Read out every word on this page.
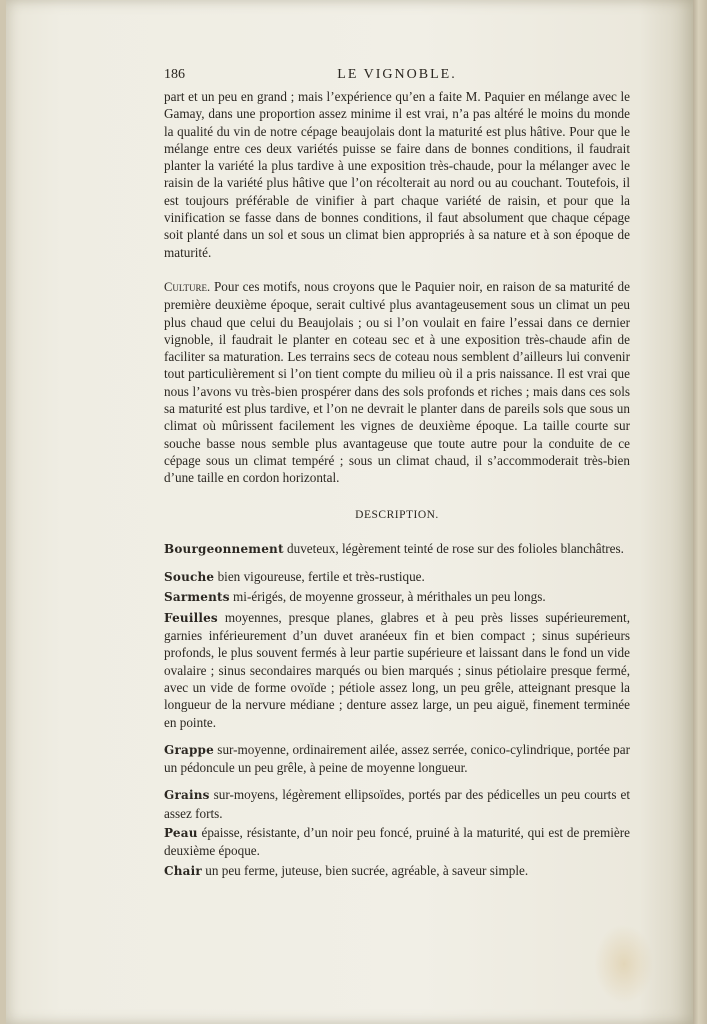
186	LE VIGNOBLE.

part et un peu en grand ; mais l’expérience qu’en a faite M. Paquier en mélange avec le Gamay, dans une proportion assez minime il est vrai, n’a pas altéré le moins du monde la qualité du vin de notre cépage beaujolais dont la maturité est plus hâtive. Pour que le mélange entre ces deux variétés puisse se faire dans de bonnes conditions, il faudrait planter la variété la plus tardive à une exposition très-chaude, pour la mélanger avec le raisin de la variété plus hâtive que l’on récolterait au nord ou au couchant. Toutefois, il est toujours préférable de vinifier à part chaque variété de raisin, et pour que la vinification se fasse dans de bonnes conditions, il faut absolument que chaque cépage soit planté dans un sol et sous un climat bien appropriés à sa nature et à son époque de maturité.

Culture. Pour ces motifs, nous croyons que le Paquier noir, en raison de sa maturité de première deuxième époque, serait cultivé plus avantageusement sous un climat un peu plus chaud que celui du Beaujolais ; ou si l’on voulait en faire l’essai dans ce dernier vignoble, il faudrait le planter en coteau sec et à une exposition très-chaude afin de faciliter sa maturation. Les terrains secs de coteau nous semblent d’ailleurs lui convenir tout particulièrement si l’on tient compte du milieu où il a pris naissance. Il est vrai que nous l’avons vu très-bien prospérer dans des sols profonds et riches ; mais dans ces sols sa maturité est plus tardive, et l’on ne devrait le planter dans de pareils sols que sous un climat où mûrissent facilement les vignes de deuxième époque. La taille courte sur souche basse nous semble plus avantageuse que toute autre pour la conduite de ce cépage sous un climat tempéré ; sous un climat chaud, il s’accommoderait très-bien d’une taille en cordon horizontal.

DESCRIPTION.

Bourgeonnement duveteux, légèrement teinté de rose sur des folioles blanchâtres.

Souche bien vigoureuse, fertile et très-rustique.

Sarments mi-érigés, de moyenne grosseur, à mérithales un peu longs.

Feuilles moyennes, presque planes, glabres et à peu près lisses supérieurement, garnies inférieurement d’un duvet aranéeux fin et bien compact ; sinus supérieurs profonds, le plus souvent fermés à leur partie supérieure et laissant dans le fond un vide ovalaire ; sinus secondaires marqués ou bien marqués ; sinus pétiolaire presque fermé, avec un vide de forme ovoïde ; pétiole assez long, un peu grêle, atteignant presque la longueur de la nervure médiane ; denture assez large, un peu aiguë, finement terminée en pointe.

Grappe sur-moyenne, ordinairement ailée, assez serrée, conico-cylindrique, portée par un pédoncule un peu grêle, à peine de moyenne longueur.

Grains sur-moyens, légèrement ellipsoïdes, portés par des pédicelles un peu courts et assez forts.

Peau épaisse, résistante, d’un noir peu foncé, pruiné à la maturité, qui est de première deuxième époque.

Chair un peu ferme, juteuse, bien sucrée, agréable, à saveur simple.
